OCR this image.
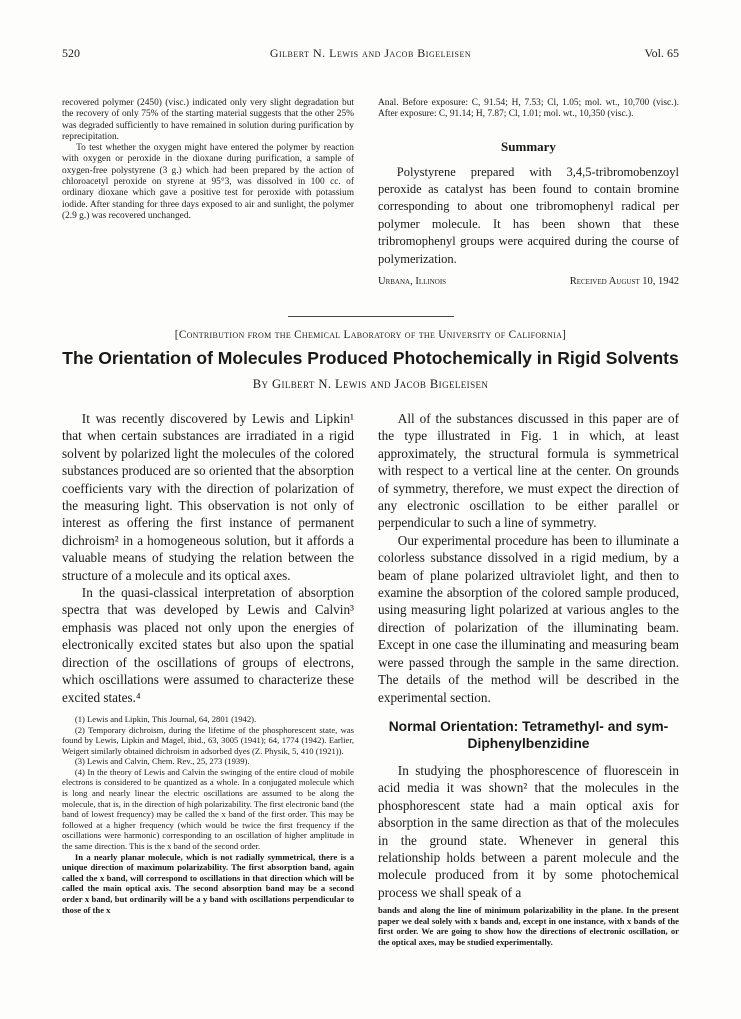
520	Gilbert N. Lewis and Jacob Bigeleisen	Vol. 65

recovered polymer (2450) (visc.) indicated only very slight degradation but the recovery of only 75% of the starting material suggests that the other 25% was degraded sufficiently to have remained in solution during purification by reprecipitation.

To test whether the oxygen might have entered the polymer by reaction with oxygen or peroxide in the dioxane during purification, a sample of oxygen-free polystyrene (3 g.) which had been prepared by the action of chloroacetyl peroxide on styrene at 95°3, was dissolved in 100 cc. of ordinary dioxane which gave a positive test for peroxide with potassium iodide. After standing for three days exposed to air and sunlight, the polymer (2.9 g.) was recovered unchanged.

Anal. Before exposure: C, 91.54; H, 7.53; Cl, 1.05; mol. wt., 10,700 (visc.). After exposure: C, 91.14; H, 7.87; Cl, 1.01; mol. wt., 10,350 (visc.).

Summary

Polystyrene prepared with 3,4,5-tribromobenzoyl peroxide as catalyst has been found to contain bromine corresponding to about one tribromophenyl radical per polymer molecule. It has been shown that these tribromophenyl groups were acquired during the course of polymerization.

Urbana, Illinois	Received August 10, 1942
[Contribution from the Chemical Laboratory of the University of California]
The Orientation of Molecules Produced Photochemically in Rigid Solvents
By Gilbert N. Lewis and Jacob Bigeleisen

It was recently discovered by Lewis and Lipkin¹ that when certain substances are irradiated in a rigid solvent by polarized light the molecules of the colored substances produced are so oriented that the absorption coefficients vary with the direction of polarization of the measuring light. This observation is not only of interest as offering the first instance of permanent dichroism² in a homogeneous solution, but it affords a valuable means of studying the relation between the structure of a molecule and its optical axes.

In the quasi-classical interpretation of absorption spectra that was developed by Lewis and Calvin³ emphasis was placed not only upon the energies of electronically excited states but also upon the spatial direction of the oscillations of groups of electrons, which oscillations were assumed to characterize these excited states.⁴

(1) Lewis and Lipkin, This Journal, 64, 2801 (1942).

(2) Temporary dichroism, during the lifetime of the phosphorescent state, was found by Lewis, Lipkin and Magel, ibid., 63, 3005 (1941); 64, 1774 (1942). Earlier, Weigert similarly obtained dichroism in adsorbed dyes (Z. Physik, 5, 410 (1921)).

(3) Lewis and Calvin, Chem. Rev., 25, 273 (1939).

(4) In the theory of Lewis and Calvin the swinging of the entire cloud of mobile electrons is considered to be quantized as a whole. In a conjugated molecule which is long and nearly linear the electric oscillations are assumed to be along the molecule, that is, in the direction of high polarizability. The first electronic band (the band of lowest frequency) may be called the x band of the first order. This may be followed at a higher frequency (which would be twice the first frequency if the oscillations were harmonic) corresponding to an oscillation of higher amplitude in the same direction. This is the x band of the second order.

In a nearly planar molecule, which is not radially symmetrical, there is a unique direction of maximum polarizability. The first absorption band, again called the x band, will correspond to oscillations in that direction which will be called the main optical axis. The second absorption band may be a second order x band, but ordinarily will be a y band with oscillations perpendicular to those of the x

All of the substances discussed in this paper are of the type illustrated in Fig. 1 in which, at least approximately, the structural formula is symmetrical with respect to a vertical line at the center. On grounds of symmetry, therefore, we must expect the direction of any electronic oscillation to be either parallel or perpendicular to such a line of symmetry.

Our experimental procedure has been to illuminate a colorless substance dissolved in a rigid medium, by a beam of plane polarized ultraviolet light, and then to examine the absorption of the colored sample produced, using measuring light polarized at various angles to the direction of polarization of the illuminating beam. Except in one case the illuminating and measuring beam were passed through the sample in the same direction. The details of the method will be described in the experimental section.

Normal Orientation: Tetramethyl- and sym-Diphenylbenzidine

In studying the phosphorescence of fluorescein in acid media it was shown² that the molecules in the phosphorescent state had a main optical axis for absorption in the same direction as that of the molecules in the ground state. Whenever in general this relationship holds between a parent molecule and the molecule produced from it by some photochemical process we shall speak of a

bands and along the line of minimum polarizability in the plane. In the present paper we deal solely with x bands and, except in one instance, with x bands of the first order. We are going to show how the directions of electronic oscillation, or the optical axes, may be studied experimentally.
